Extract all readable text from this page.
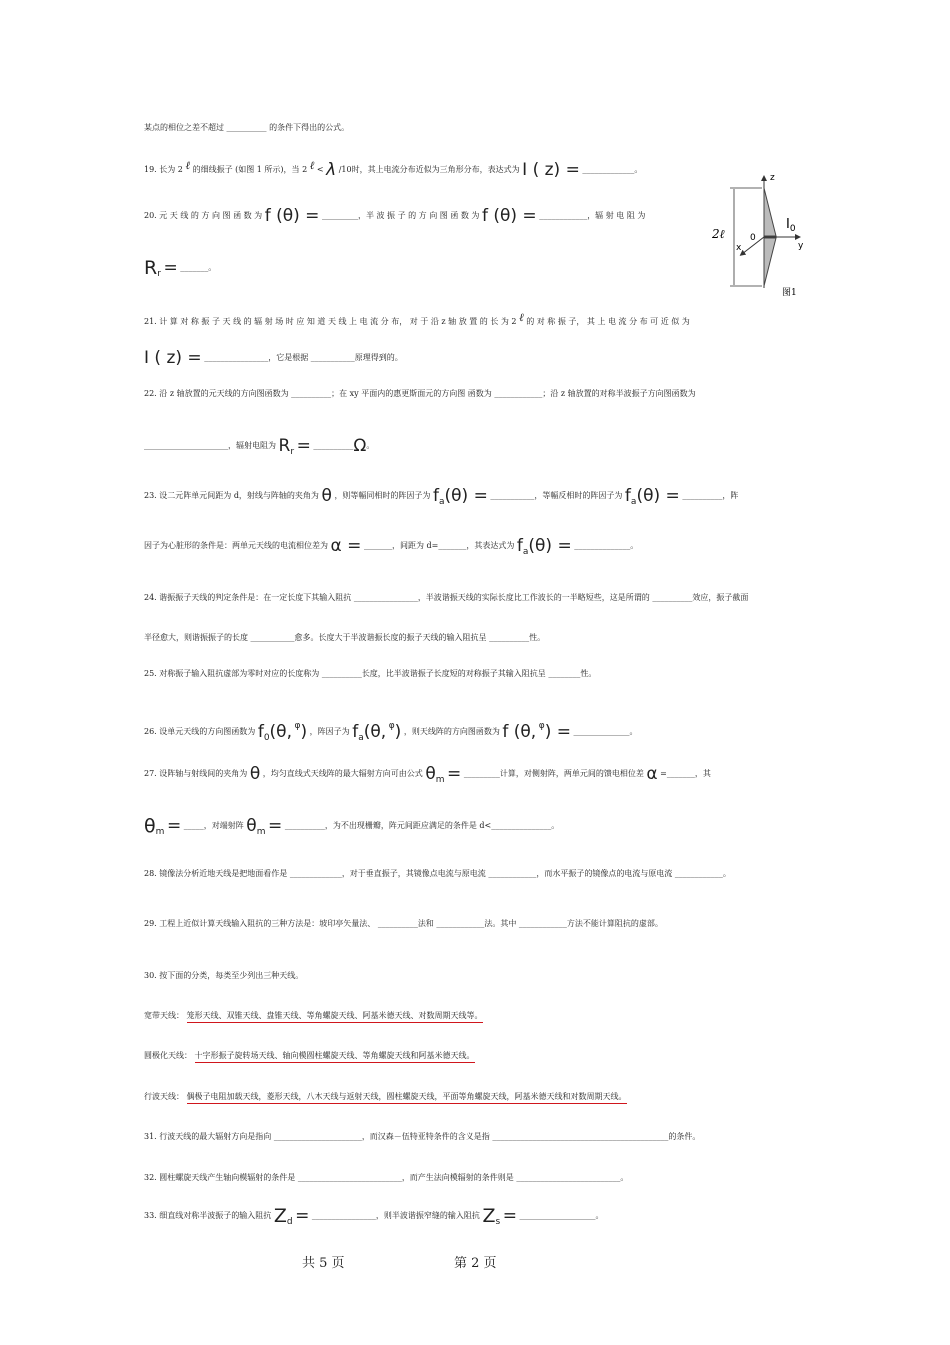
某点的相位之差不超过 __________ 的条件下得出的公式。
19. 长为 2 ℓ 的细线振子 (如图 1 所示)，当 2 ℓ < λ /10时，其上电流分布近似为三角形分布，表达式为 I ( z) = _____________。
20. 元 天 线 的 方 向 图 函 数 为 f (θ) = _________，半 波 振 子 的 方 向 图 函 数 为 f (θ) = ____________，辐 射 电 阻 为
Rr = _______。
z
y
x
0
2ℓ
$I_0$
图1
21. 计 算 对 称 振 子 天 线 的 辐 射 场 时 应 知 道 天 线 上 电 流 分 布， 对 于 沿 z 轴 放 置 的 长 为 2 ℓ 的 对 称 振 子， 其 上 电 流 分 布 可 近 似 为
I ( z) = ________________，它是根据 ___________原理得到的。
22. 沿 z 轴放置的元天线的方向图函数为 __________；在 xy 平面内的惠更斯面元的方向图 函数为 ____________；沿 z 轴放置的对称半波振子方向图函数为
_____________________，辐射电阻为 Rr = __________Ω。
23. 设二元阵单元间距为 d，射线与阵轴的夹角为 θ ，则等幅同相时的阵因子为 fa(θ) = ___________，等幅反相时的阵因子为 fa(θ) = __________，阵
因子为心脏形的条件是：两单元天线的电流相位差为 α = _______，间距为 d=_______，其表达式为 fa(θ) = ______________。
24. 谐振振子天线的判定条件是：在一定长度下其输入阻抗 ________________，半波谐振天线的实际长度比工作波长的一半略短些，这是所谓的 __________效应，振子截面
半径愈大，则谐振振子的长度 ___________愈多。长度大于半波谐振长度的振子天线的输入阻抗呈 __________性。
25. 对称振子输入阻抗虚部为零时对应的长度称为 __________长度，比半波谐振子长度短的对称振子其输入阻抗呈 ________性。
26. 设单元天线的方向图函数为 f0(θ, φ) ，阵因子为 fa(θ, φ) ，则天线阵的方向图函数为 f (θ, φ) = ______________。
27. 设阵轴与射线间的夹角为 θ ，均匀直线式天线阵的最大辐射方向可由公式 θm = _________计算，对侧射阵，两单元间的馈电相位差 α =_______，其
θm = _____，对端射阵 θm = __________，为不出现栅瓣，阵元间距应满足的条件是 d<_______________。
28. 镜像法分析近地天线是把地面看作是 _____________，对于垂直振子，其镜像点电流与原电流 ____________，而水平振子的镜像点的电流与原电流 ____________。
29. 工程上近似计算天线输入阻抗的三种方法是：坡印亭矢量法、 __________法和 ____________法。其中 ____________方法不能计算阻抗的虚部。
30. 按下面的分类，每类至少列出三种天线。
宽带天线： 笼形天线、双锥天线、盘锥天线、等角螺旋天线、阿基米德天线、对数周期天线等。
圆极化天线： 十字形振子旋转场天线、轴向模圆柱螺旋天线、等角螺旋天线和阿基米德天线。
行波天线： 偶极子电阻加载天线，菱形天线，八木天线与返射天线，圆柱螺旋天线，平面等角螺旋天线，阿基米德天线和对数周期天线。
31. 行波天线的最大辐射方向是指向 ______________________，而汉森－伍特亚特条件的含义是指 ____________________________________________的条件。
32. 圆柱螺旋天线产生轴向模辐射的条件是 __________________________，而产生法向模辐射的条件则是 __________________________。
33. 细直线对称半波振子的输入阻抗 Zd = ________________，则半波谐振窄缝的输入阻抗 Zs = ___________________。
共 5 页	第 2 页
